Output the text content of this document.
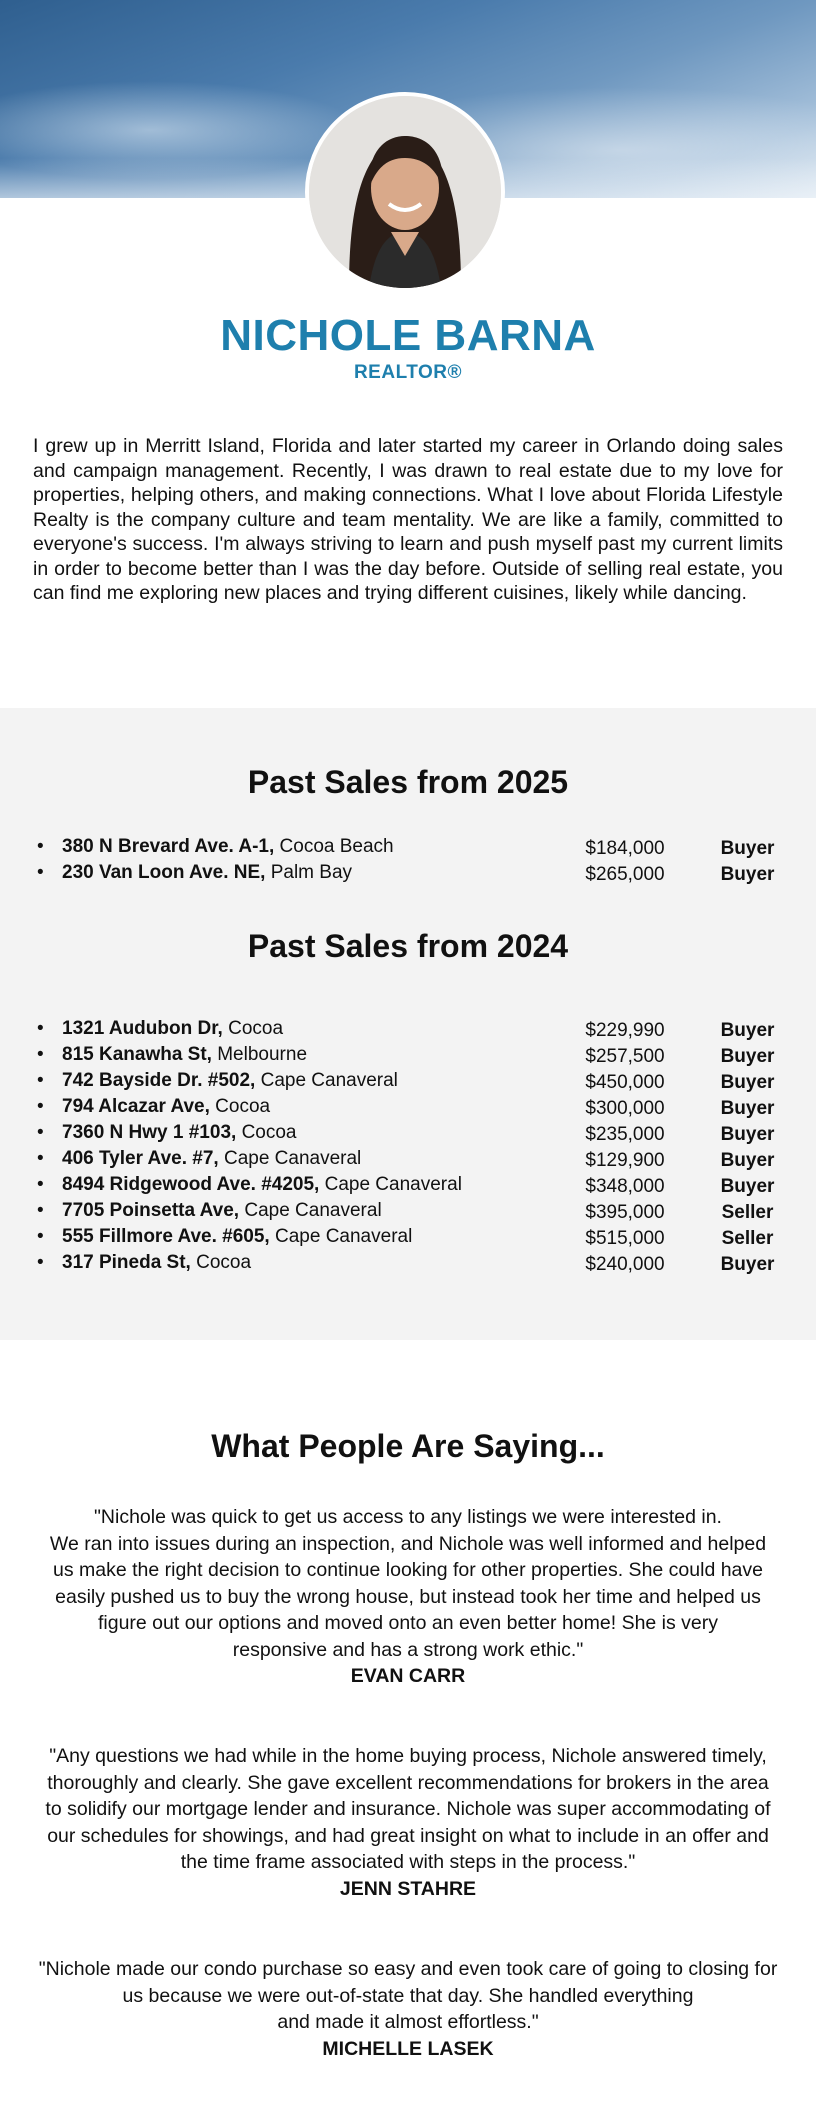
NICHOLE BARNA
REALTOR®
I grew up in Merritt Island, Florida and later started my career in Orlando doing sales and campaign management. Recently, I was drawn to real estate due to my love for properties, helping others, and making connections. What I love about Florida Lifestyle Realty is the company culture and team mentality. We are like a family, committed to everyone's success. I'm always striving to learn and push myself past my current limits in order to become better than I was the day before. Outside of selling real estate, you can find me exploring new places and trying different cuisines, likely while dancing.
Past Sales from 2025
• 380 N Brevard Ave. A-1, Cocoa Beach	$184,000	Buyer
• 230 Van Loon Ave. NE, Palm Bay	$265,000	Buyer
Past Sales from 2024
• 1321 Audubon Dr, Cocoa	$229,990	Buyer
• 815 Kanawha St, Melbourne	$257,500	Buyer
• 742 Bayside Dr. #502, Cape Canaveral	$450,000	Buyer
• 794 Alcazar Ave, Cocoa	$300,000	Buyer
• 7360 N Hwy 1 #103, Cocoa	$235,000	Buyer
• 406 Tyler Ave. #7, Cape Canaveral	$129,900	Buyer
• 8494 Ridgewood Ave. #4205, Cape Canaveral	$348,000	Buyer
• 7705 Poinsetta Ave, Cape Canaveral	$395,000	Seller
• 555 Fillmore Ave. #605, Cape Canaveral	$515,000	Seller
• 317 Pineda St, Cocoa	$240,000	Buyer
What People Are Saying...
"Nichole was quick to get us access to any listings we were interested in.
We ran into issues during an inspection, and Nichole was well informed and helped
us make the right decision to continue looking for other properties. She could have
easily pushed us to buy the wrong house, but instead took her time and helped us
figure out our options and moved onto an even better home! She is very
responsive and has a strong work ethic."
EVAN CARR
"Any questions we had while in the home buying process, Nichole answered timely,
thoroughly and clearly. She gave excellent recommendations for brokers in the area
to solidify our mortgage lender and insurance. Nichole was super accommodating of
our schedules for showings, and had great insight on what to include in an offer and
the time frame associated with steps in the process."
JENN STAHRE
"Nichole made our condo purchase so easy and even took care of going to closing for
us because we were out-of-state that day. She handled everything
and made it almost effortless."
MICHELLE LASEK
